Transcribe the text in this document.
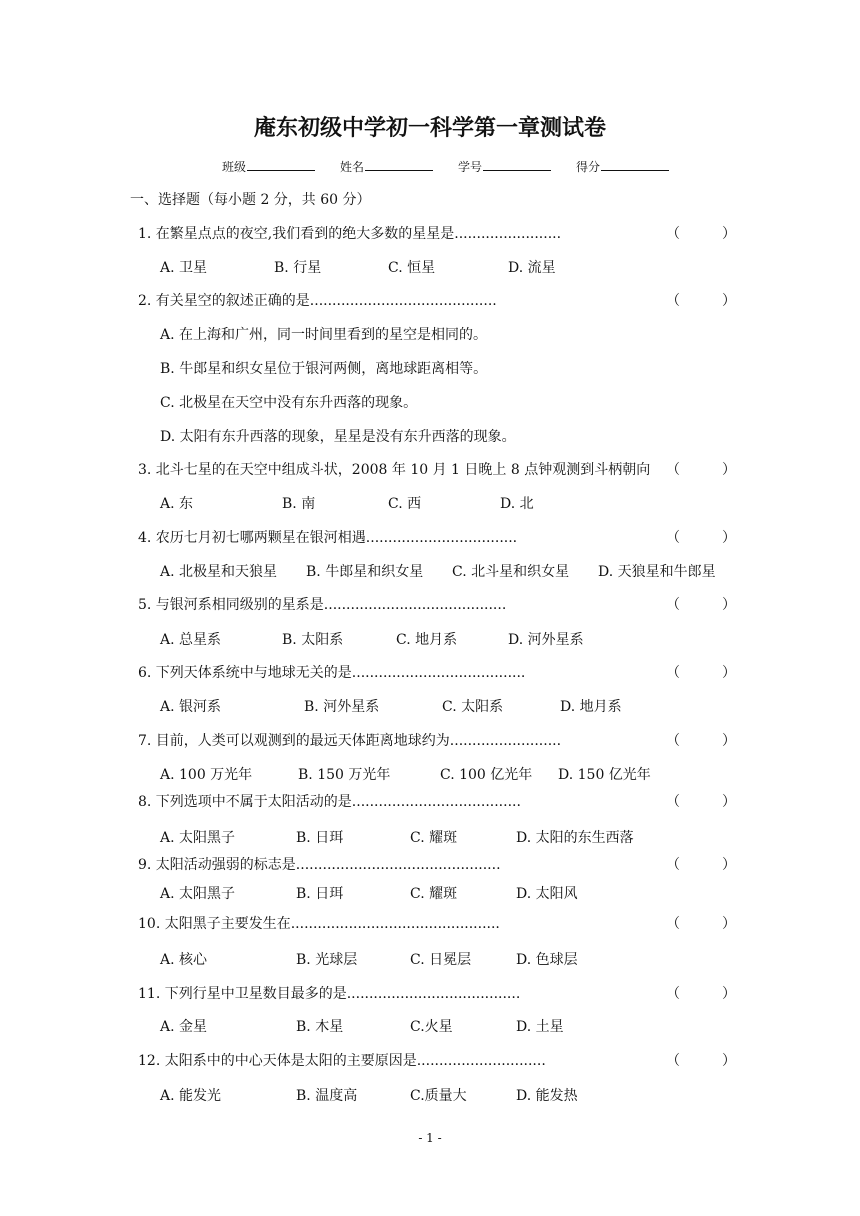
庵东初级中学初一科学第一章测试卷
班级	姓名	学号	得分
一、选择题（每小题 2 分，共 60 分）
1. 在繁星点点的夜空,我们看到的绝大多数的星星是........................	（	）
A. 卫星	B. 行星	C. 恒星	D. 流星
2. 有关星空的叙述正确的是..........................................	（	）
A. 在上海和广州，同一时间里看到的星空是相同的。
B. 牛郎星和织女星位于银河两侧，离地球距离相等。
C. 北极星在天空中没有东升西落的现象。
D. 太阳有东升西落的现象，星星是没有东升西落的现象。
3. 北斗七星的在天空中组成斗状，2008 年 10 月 1 日晚上 8 点钟观测到斗柄朝向 （	）
A. 东	B. 南	C. 西	D. 北
4. 农历七月初七哪两颗星在银河相遇..................................	（	）
A. 北极星和天狼星 B. 牛郎星和织女星 C. 北斗星和织女星 D. 天狼星和牛郎星
5. 与银河系相同级别的星系是.........................................	（	）
A. 总星系	B. 太阳系	C. 地月系	D. 河外星系
6. 下列天体系统中与地球无关的是.......................................	（	）
A. 银河系	B. 河外星系	C. 太阳系	D. 地月系
7. 目前，人类可以观测到的最远天体距离地球约为.........................	（	）
A. 100 万光年	B. 150 万光年	C. 100 亿光年 D. 150 亿光年
8. 下列选项中不属于太阳活动的是......................................	（	）
A. 太阳黑子	B. 日珥	C. 耀斑	D. 太阳的东生西落
9. 太阳活动强弱的标志是..............................................	（	）
A. 太阳黑子	B. 日珥	C. 耀斑	D. 太阳风
10. 太阳黑子主要发生在...............................................	（	）
A. 核心	B. 光球层	C. 日冕层	D. 色球层
11. 下列行星中卫星数目最多的是.......................................	（	）
A. 金星	B. 木星	C.火星	D. 土星
12. 太阳系中的中心天体是太阳的主要原因是.............................	（	）
A. 能发光	B. 温度高	C.质量大	D. 能发热
- 1 -
